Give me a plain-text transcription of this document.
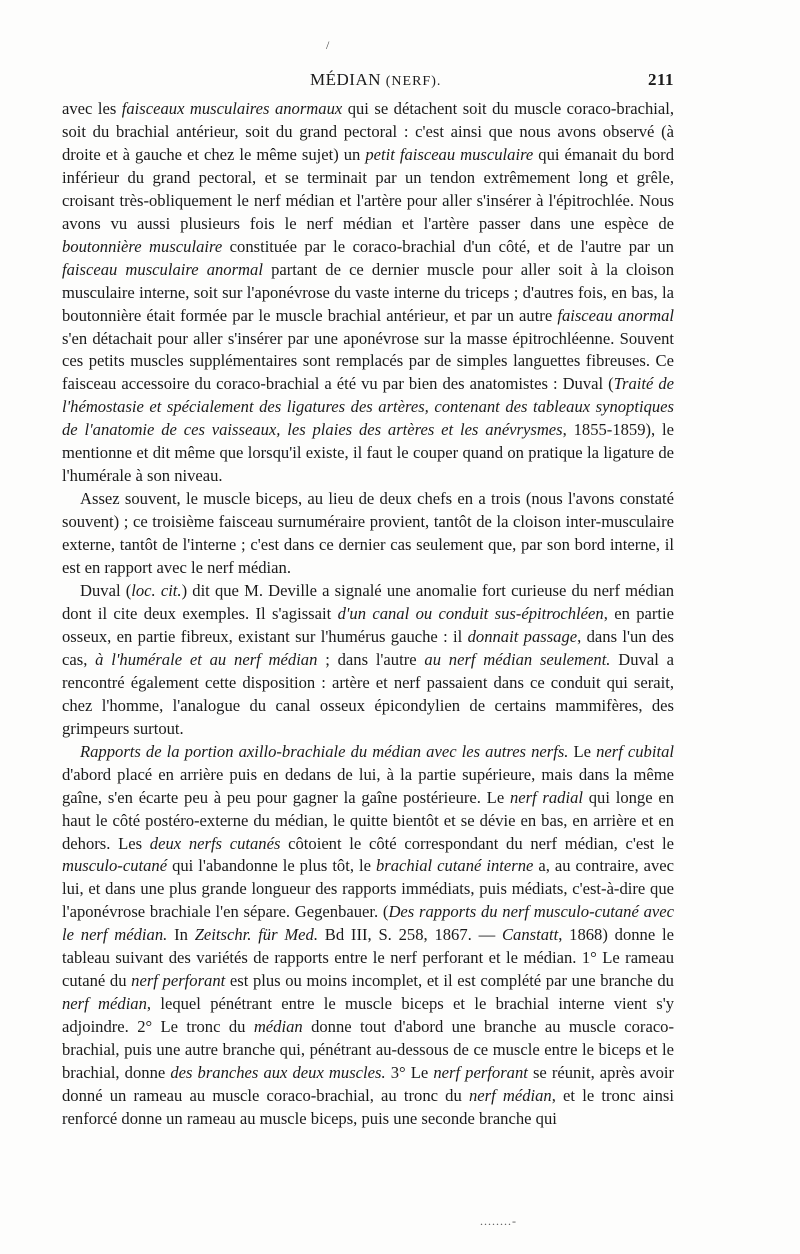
/
MÉDIAN (NERF).	211

avec les faisceaux musculaires anormaux qui se détachent soit du muscle coraco-brachial, soit du brachial antérieur, soit du grand pectoral : c'est ainsi que nous avons observé (à droite et à gauche et chez le même sujet) un petit faisceau musculaire qui émanait du bord inférieur du grand pectoral, et se terminait par un tendon extrêmement long et grêle, croisant très-obliquement le nerf médian et l'artère pour aller s'insérer à l'épitrochlée. Nous avons vu aussi plusieurs fois le nerf médian et l'artère passer dans une espèce de boutonnière musculaire constituée par le coraco-brachial d'un côté, et de l'autre par un faisceau musculaire anormal partant de ce dernier muscle pour aller soit à la cloison musculaire interne, soit sur l'aponévrose du vaste interne du triceps ; d'autres fois, en bas, la boutonnière était formée par le muscle brachial antérieur, et par un autre faisceau anormal s'en détachait pour aller s'insérer par une aponévrose sur la masse épitrochléenne. Souvent ces petits muscles supplémentaires sont remplacés par de simples languettes fibreuses. Ce faisceau accessoire du coraco-brachial a été vu par bien des anatomistes : Duval (Traité de l'hémostasie et spécialement des ligatures des artères, contenant des tableaux synoptiques de l'anatomie de ces vaisseaux, les plaies des artères et les anévrysmes, 1855-1859), le mentionne et dit même que lorsqu'il existe, il faut le couper quand on pratique la ligature de l'humérale à son niveau.

Assez souvent, le muscle biceps, au lieu de deux chefs en a trois (nous l'avons constaté souvent) ; ce troisième faisceau surnuméraire provient, tantôt de la cloison inter-musculaire externe, tantôt de l'interne ; c'est dans ce dernier cas seulement que, par son bord interne, il est en rapport avec le nerf médian.

Duval (loc. cit.) dit que M. Deville a signalé une anomalie fort curieuse du nerf médian dont il cite deux exemples. Il s'agissait d'un canal ou conduit sus-épitrochléen, en partie osseux, en partie fibreux, existant sur l'humérus gauche : il donnait passage, dans l'un des cas, à l'humérale et au nerf médian ; dans l'autre au nerf médian seulement. Duval a rencontré également cette disposition : artère et nerf passaient dans ce conduit qui serait, chez l'homme, l'analogue du canal osseux épicondylien de certains mammifères, des grimpeurs surtout.

Rapports de la portion axillo-brachiale du médian avec les autres nerfs. Le nerf cubital d'abord placé en arrière puis en dedans de lui, à la partie supérieure, mais dans la même gaîne, s'en écarte peu à peu pour gagner la gaîne postérieure. Le nerf radial qui longe en haut le côté postéro-externe du médian, le quitte bientôt et se dévie en bas, en arrière et en dehors. Les deux nerfs cutanés côtoient le côté correspondant du nerf médian, c'est le musculo-cutané qui l'abandonne le plus tôt, le brachial cutané interne a, au contraire, avec lui, et dans une plus grande longueur des rapports immédiats, puis médiats, c'est-à-dire que l'aponévrose brachiale l'en sépare. Gegenbauer. (Des rapports du nerf musculo-cutané avec le nerf médian. In Zeitschr. für Med. Bd III, S. 258, 1867. — Canstatt, 1868) donne le tableau suivant des variétés de rapports entre le nerf perforant et le médian. 1° Le rameau cutané du nerf perforant est plus ou moins incomplet, et il est complété par une branche du nerf médian, lequel pénétrant entre le muscle biceps et le brachial interne vient s'y adjoindre. 2° Le tronc du médian donne tout d'abord une branche au muscle coraco-brachial, puis une autre branche qui, pénétrant au-dessous de ce muscle entre le biceps et le brachial, donne des branches aux deux muscles. 3° Le nerf perforant se réunit, après avoir donné un rameau au muscle coraco-brachial, au tronc du nerf médian, et le tronc ainsi renforcé donne un rameau au muscle biceps, puis une seconde branche qui

........-
